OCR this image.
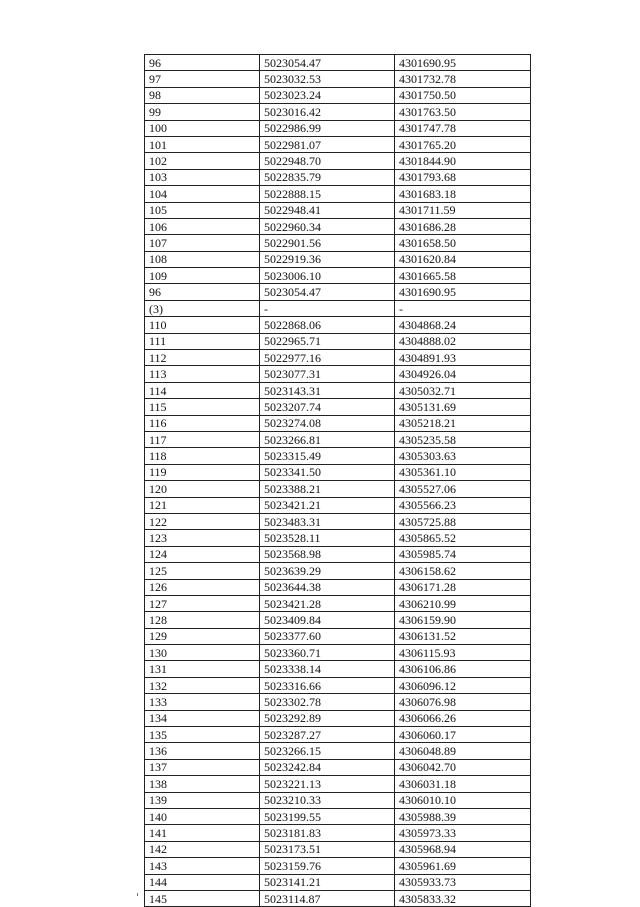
96	5023054.47	4301690.95
97	5023032.53	4301732.78
98	5023023.24	4301750.50
99	5023016.42	4301763.50
100	5022986.99	4301747.78
101	5022981.07	4301765.20
102	5022948.70	4301844.90
103	5022835.79	4301793.68
104	5022888.15	4301683.18
105	5022948.41	4301711.59
106	5022960.34	4301686.28
107	5022901.56	4301658.50
108	5022919.36	4301620.84
109	5023006.10	4301665.58
96	5023054.47	4301690.95
(3)	-	-
110	5022868.06	4304868.24
111	5022965.71	4304888.02
112	5022977.16	4304891.93
113	5023077.31	4304926.04
114	5023143.31	4305032.71
115	5023207.74	4305131.69
116	5023274.08	4305218.21
117	5023266.81	4305235.58
118	5023315.49	4305303.63
119	5023341.50	4305361.10
120	5023388.21	4305527.06
121	5023421.21	4305566.23
122	5023483.31	4305725.88
123	5023528.11	4305865.52
124	5023568.98	4305985.74
125	5023639.29	4306158.62
126	5023644.38	4306171.28
127	5023421.28	4306210.99
128	5023409.84	4306159.90
129	5023377.60	4306131.52
130	5023360.71	4306115.93
131	5023338.14	4306106.86
132	5023316.66	4306096.12
133	5023302.78	4306076.98
134	5023292.89	4306066.26
135	5023287.27	4306060.17
136	5023266.15	4306048.89
137	5023242.84	4306042.70
138	5023221.13	4306031.18
139	5023210.33	4306010.10
140	5023199.55	4305988.39
141	5023181.83	4305973.33
142	5023173.51	4305968.94
143	5023159.76	4305961.69
144	5023141.21	4305933.73
145	5023114.87	4305833.32
